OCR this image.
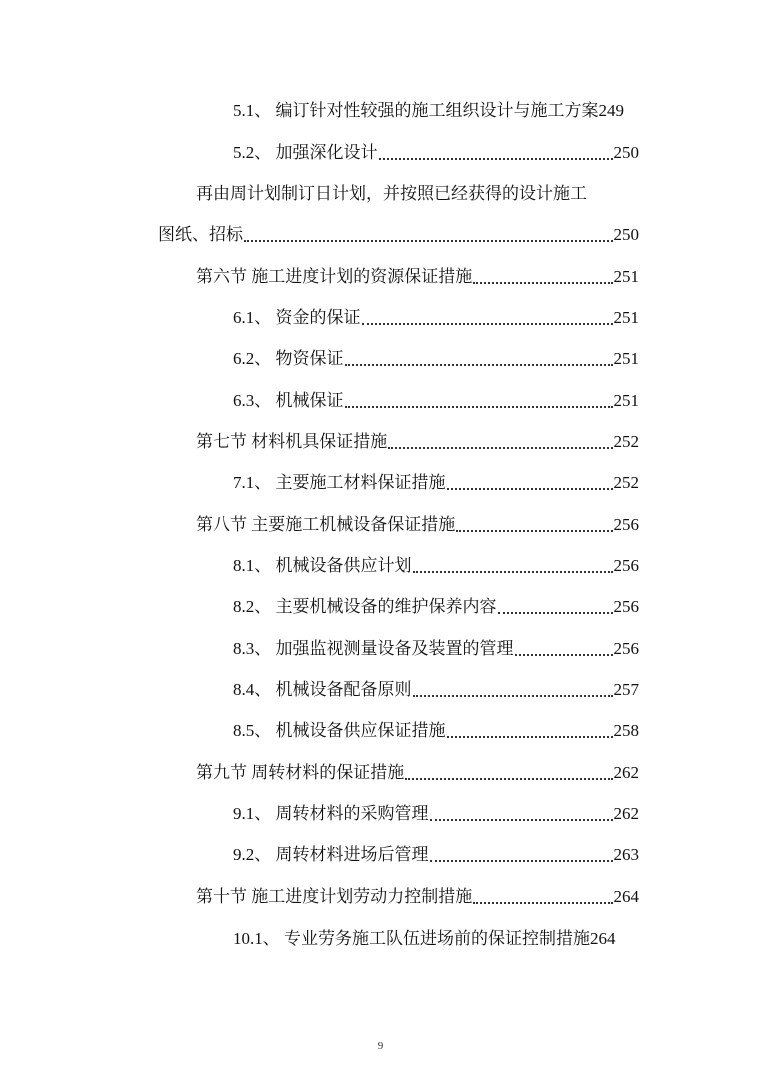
5.1、 编订针对性较强的施工组织设计与施工方案 249
5.2、 加强深化设计	250
再由周计划制订日计划，并按照已经获得的设计施工
图纸、招标	250
第六节 施工进度计划的资源保证措施	251
6.1、 资金的保证	251
6.2、 物资保证	251
6.3、 机械保证	251
第七节 材料机具保证措施	252
7.1、 主要施工材料保证措施	252
第八节 主要施工机械设备保证措施	256
8.1、 机械设备供应计划	256
8.2、 主要机械设备的维护保养内容	256
8.3、 加强监视测量设备及装置的管理	256
8.4、 机械设备配备原则	257
8.5、 机械设备供应保证措施	258
第九节 周转材料的保证措施	262
9.1、 周转材料的采购管理	262
9.2、 周转材料进场后管理	263
第十节 施工进度计划劳动力控制措施	264
10.1、 专业劳务施工队伍进场前的保证控制措施 264
9
